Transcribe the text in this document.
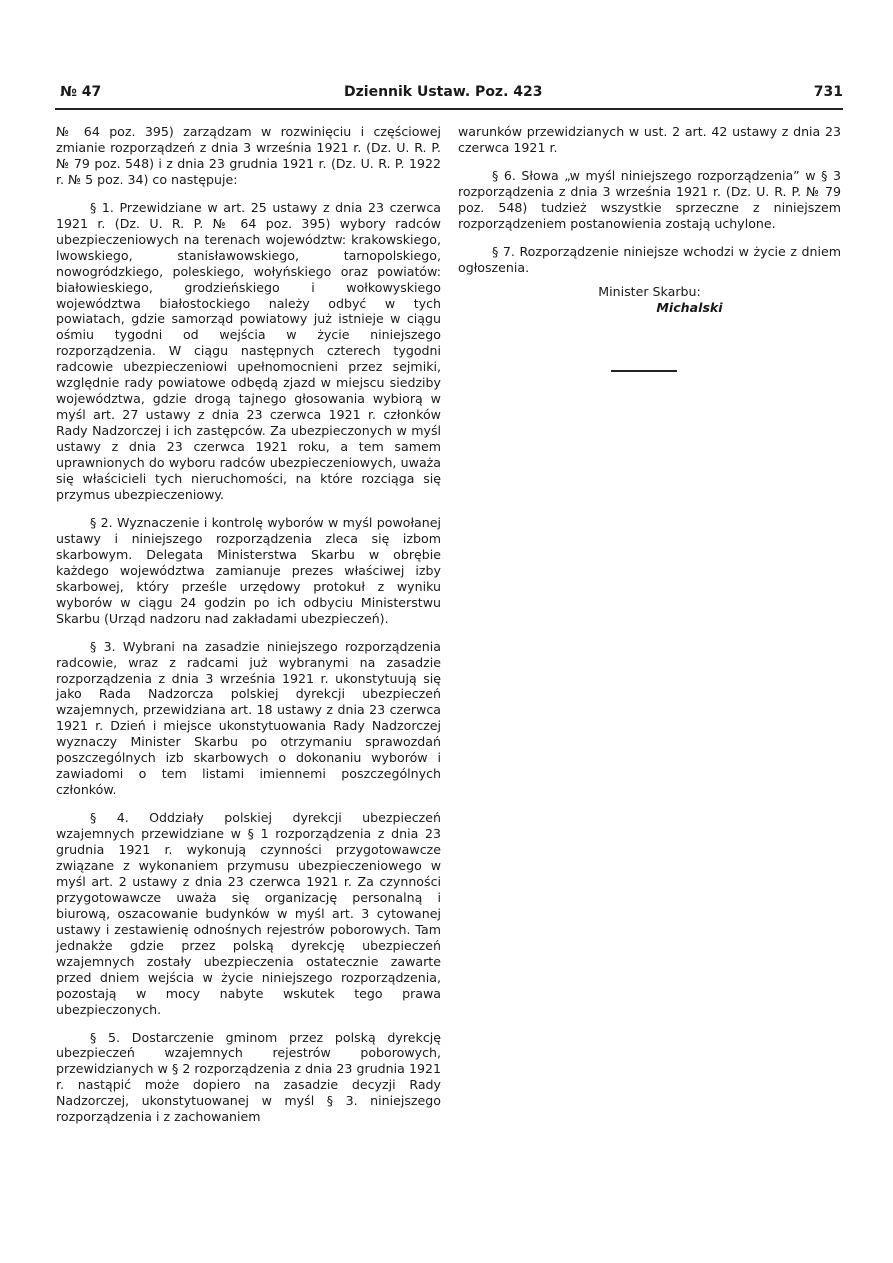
№ 47	Dziennik Ustaw. Poz. 423	731

№ 64 poz. 395) zarządzam w rozwinięciu i częściowej zmianie rozporządzeń z dnia 3 września 1921 r. (Dz. U. R. P. № 79 poz. 548) i z dnia 23 grudnia 1921 r. (Dz. U. R. P. 1922 r. № 5 poz. 34) co następuje:

§ 1. Przewidziane w art. 25 ustawy z dnia 23 czerwca 1921 r. (Dz. U. R. P. № 64 poz. 395) wybory radców ubezpieczeniowych na terenach województw: krakowskiego, lwowskiego, stanisławowskiego, tarnopolskiego, nowogródzkiego, poleskiego, wołyńskiego oraz powiatów: białowieskiego, grodzieńskiego i wołkowyskiego województwa białostockiego należy odbyć w tych powiatach, gdzie samorząd powiatowy już istnieje w ciągu ośmiu tygodni od wejścia w życie niniejszego rozporządzenia. W ciągu następnych czterech tygodni radcowie ubezpieczeniowi upełnomocnieni przez sejmiki, względnie rady powiatowe odbędą zjazd w miejscu siedziby województwa, gdzie drogą tajnego głosowania wybiorą w myśl art. 27 ustawy z dnia 23 czerwca 1921 r. członków Rady Nadzorczej i ich zastępców. Za ubezpieczonych w myśl ustawy z dnia 23 czerwca 1921 roku, a tem samem uprawnionych do wyboru radców ubezpieczeniowych, uważa się właścicieli tych nieruchomości, na które rozciąga się przymus ubezpieczeniowy.

§ 2. Wyznaczenie i kontrolę wyborów w myśl powołanej ustawy i niniejszego rozporządzenia zleca się izbom skarbowym. Delegata Ministerstwa Skarbu w obrębie każdego województwa zamianuje prezes właściwej izby skarbowej, który prześle urzędowy protokuł z wyniku wyborów w ciągu 24 godzin po ich odbyciu Ministerstwu Skarbu (Urząd nadzoru nad zakładami ubezpieczeń).

§ 3. Wybrani na zasadzie niniejszego rozporządzenia radcowie, wraz z radcami już wybranymi na zasadzie rozporządzenia z dnia 3 września 1921 r. ukonstytuują się jako Rada Nadzorcza polskiej dyrekcji ubezpieczeń wzajemnych, przewidziana art. 18 ustawy z dnia 23 czerwca 1921 r. Dzień i miejsce ukonstytuowania Rady Nadzorczej wyznaczy Minister Skarbu po otrzymaniu sprawozdań poszczególnych izb skarbowych o dokonaniu wyborów i zawiadomi o tem listami imiennemi poszczególnych członków.

§ 4. Oddziały polskiej dyrekcji ubezpieczeń wzajemnych przewidziane w § 1 rozporządzenia z dnia 23 grudnia 1921 r. wykonują czynności przygotowawcze związane z wykonaniem przymusu ubezpieczeniowego w myśl art. 2 ustawy z dnia 23 czerwca 1921 r. Za czynności przygotowawcze uważa się organizację personalną i biurową, oszacowanie budynków w myśl art. 3 cytowanej ustawy i zestawienię odnośnych rejestrów poborowych. Tam jednakże gdzie przez polską dyrekcję ubezpieczeń wzajemnych zostały ubezpieczenia ostatecznie zawarte przed dniem wejścia w życie niniejszego rozporządzenia, pozostają w mocy nabyte wskutek tego prawa ubezpieczonych.

§ 5. Dostarczenie gminom przez polską dyrekcję ubezpieczeń wzajemnych rejestrów poborowych, przewidzianych w § 2 rozporządzenia z dnia 23 grudnia 1921 r. nastąpić może dopiero na zasadzie decyzji Rady Nadzorczej, ukonstytuowanej w myśl § 3. niniejszego rozporządzenia i z zachowaniem

warunków przewidzianych w ust. 2 art. 42 ustawy z dnia 23 czerwca 1921 r.

§ 6. Słowa „w myśl niniejszego rozporządzenia” w § 3 rozporządzenia z dnia 3 września 1921 r. (Dz. U. R. P. № 79 poz. 548) tudzież wszystkie sprzeczne z niniejszem rozporządzeniem postanowienia zostają uchylone.

§ 7. Rozporządzenie niniejsze wchodzi w życie z dniem ogłoszenia.

Minister Skarbu:
Michalski
